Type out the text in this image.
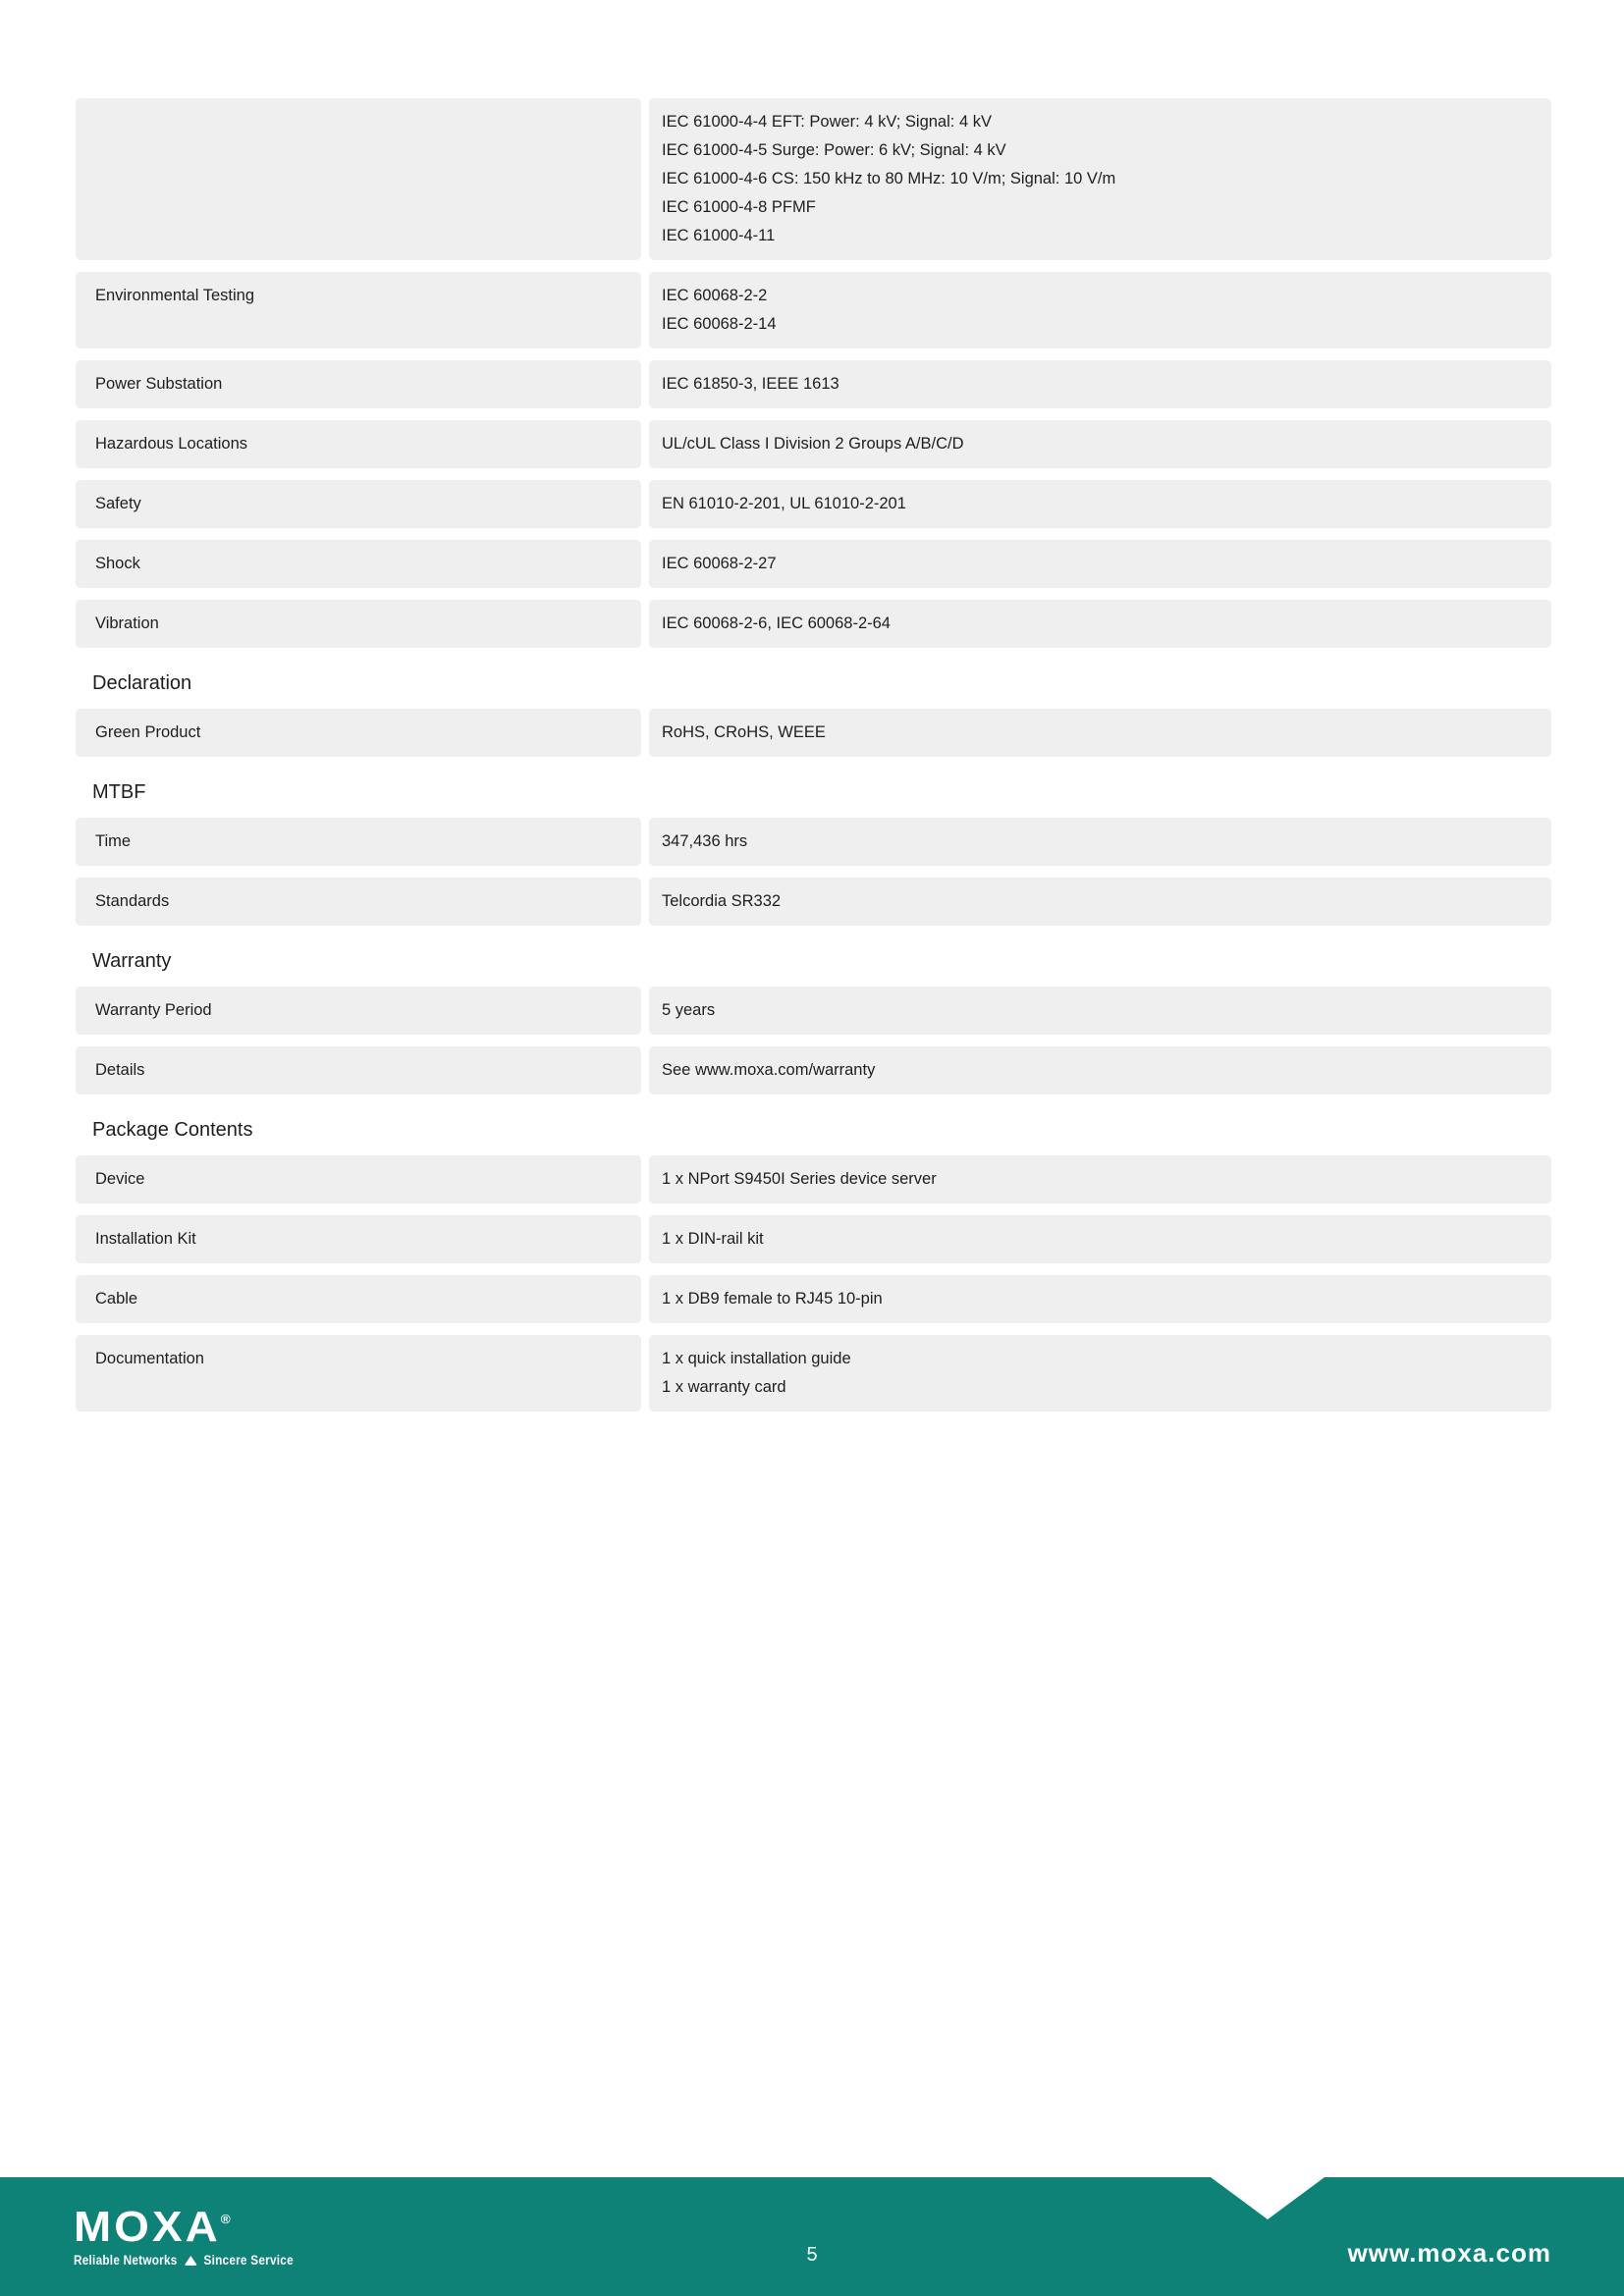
IEC 61000-4-4 EFT: Power: 4 kV; Signal: 4 kV
IEC 61000-4-5 Surge: Power: 6 kV; Signal: 4 kV
IEC 61000-4-6 CS: 150 kHz to 80 MHz: 10 V/m; Signal: 10 V/m
IEC 61000-4-8 PFMF
IEC 61000-4-11
Environmental Testing	IEC 60068-2-2
IEC 60068-2-14
Power Substation	IEC 61850-3, IEEE 1613
Hazardous Locations	UL/cUL Class I Division 2 Groups A/B/C/D
Safety	EN 61010-2-201, UL 61010-2-201
Shock	IEC 60068-2-27
Vibration	IEC 60068-2-6, IEC 60068-2-64
Declaration
Green Product	RoHS, CRoHS, WEEE
MTBF
Time	347,436 hrs
Standards	Telcordia SR332
Warranty
Warranty Period	5 years
Details	See www.moxa.com/warranty
Package Contents
Device	1 x NPort S9450I Series device server
Installation Kit	1 x DIN-rail kit
Cable	1 x DB9 female to RJ45 10-pin
Documentation	1 x quick installation guide
1 x warranty card
MOXA®
Reliable Networks Sincere Service	5	www.moxa.com
